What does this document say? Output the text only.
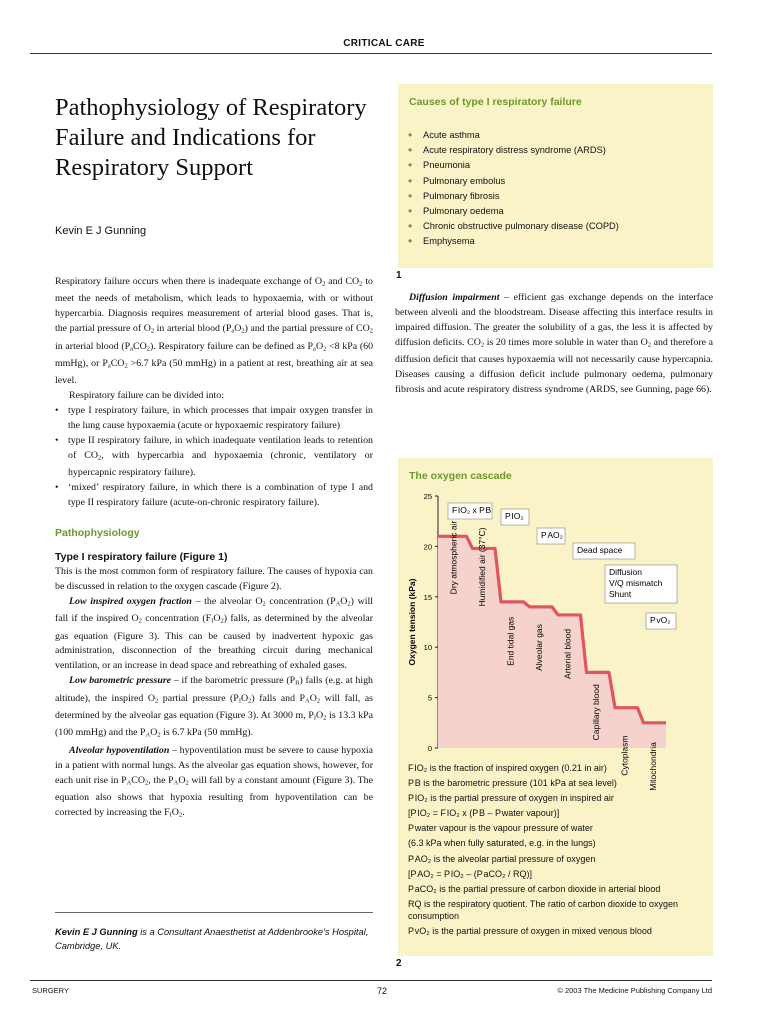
CRITICAL CARE
Pathophysiology of Respiratory Failure and Indications for Respiratory Support
Kevin E J Gunning

Respiratory failure occurs when there is inadequate exchange of $O_2$ and $CO_2$ to meet the needs of metabolism, which leads to hypoxaemia, with or without hypercarbia. Diagnosis requires measurement of arterial blood gases. That is, the partial pressure of $O_2$ in arterial blood $(P_aO_2)$ and the partial pressure of $CO_2$ in arterial blood $(P_aCO_2)$. Respiratory failure can be defined as $P_aO_2 <8$ kPa (60 mmHg), or $P_aCO_2 >6.7$ kPa (50 mmHg) in a patient at rest, breathing air at sea level.

Respiratory failure can be divided into:

• type I respiratory failure, in which processes that impair oxygen transfer in the lung cause hypoxaemia (acute or hypoxaemic respiratory failure)
• type II respiratory failure, in which inadequate ventilation leads to retention of $CO_2$, with hypercarbia and hypoxaemia (chronic, ventilatory or hypercapnic respiratory failure).
• ‘mixed’ respiratory failure, in which there is a combination of type I and type II respiratory failure (acute-on-chronic respiratory failure).
Pathophysiology
Type I respiratory failure (Figure 1)

This is the most common form of respiratory failure. The causes of hypoxia can be discussed in relation to the oxygen cascade (Figure 2).

Low inspired oxygen fraction – the alveolar $O_2$ concentration $(P_AO_2)$ will fall if the inspired $O_2$ concentration $(F_IO_2)$ falls, as determined by the alveolar gas equation (Figure 3). This can be caused by inadvertent hypoxic gas administration, disconnection of the breathing circuit during mechanical ventilation, or an increase in dead space and rebreathing of exhaled gases.

Low barometric pressure – if the barometric pressure $(P_B)$ falls (e.g. at high altitude), the inspired $O_2$ partial pressure $(P_IO_2)$ falls and $P_AO_2$ will fall, as determined by the alveolar gas equation (Figure 3). At 3000 m, $P_IO_2$ is 13.3 kPa (100 mmHg) and the $P_AO_2$ is 6.7 kPa (50 mmHg).

Alveolar hypoventilation – hypoventilation must be severe to cause hypoxia in a patient with normal lungs. As the alveolar gas equation shows, however, for each unit rise in $P_ACO_2$, the $P_AO_2$ will fall by a constant amount (Figure 3). The equation also shows that hypoxia resulting from hypoventilation can be corrected by increasing the $F_IO_2$.

Kevin E J Gunning is a Consultant Anaesthetist at Addenbrooke’s Hospital, Cambridge, UK.
Causes of type I respiratory failure
• Acute asthma
• Acute respiratory distress syndrome (ARDS)
• Pneumonia
• Pulmonary embolus
• Pulmonary fibrosis
• Pulmonary oedema
• Chronic obstructive pulmonary disease (COPD)
• Emphysema
1

Diffusion impairment – efficient gas exchange depends on the interface between alveoli and the bloodstream. Disease affecting this interface results in impaired diffusion. The greater the solubility of a gas, the less it is affected by diffusion deficits. $CO_2$ is 20 times more soluble in water than $O_2$ and therefore a diffusion deficit that causes hypoxaemia will not necessarily cause hypercapnia. Diseases causing a diffusion deficit include pulmonary oedema, pulmonary fibrosis and acute respiratory distress syndrome (ARDS, see Gunning, page 66).

The oxygen cascade
0
5
10
15
20
25
Oxygen tension (kPa)
Dry atmospheric air Humidified air (37°C)
End tidal gas Alveolar gas Arterial blood
Capillary blood
Cytoplasm Mitochondria
F IO₂ x P B
P IO₂
P AO₂
Dead space
Diffusion
V/Q mismatch
Shunt
P vO₂
F IO₂ is the fraction of inspired oxygen (0.21 in air)
P B is the barometric pressure (101 kPa at sea level)
P IO₂ is the partial pressure of oxygen in inspired air
[P IO₂ = F IO₂ x (P B – P water vapour)]
P water vapour is the vapour pressure of water
(6.3 kPa when fully saturated, e.g. in the lungs)
P AO₂ is the alveolar partial pressure of oxygen
[P AO₂ = P IO₂ – (P aCO₂ / RQ)]
P aCO₂ is the partial pressure of carbon dioxide in arterial blood
RQ is the respiratory quotient. The ratio of carbon dioxide to oxygen consumption
P vO₂ is the partial pressure of oxygen in mixed venous blood
2
SURGERY	72	© 2003 The Medicine Publishing Company Ltd
